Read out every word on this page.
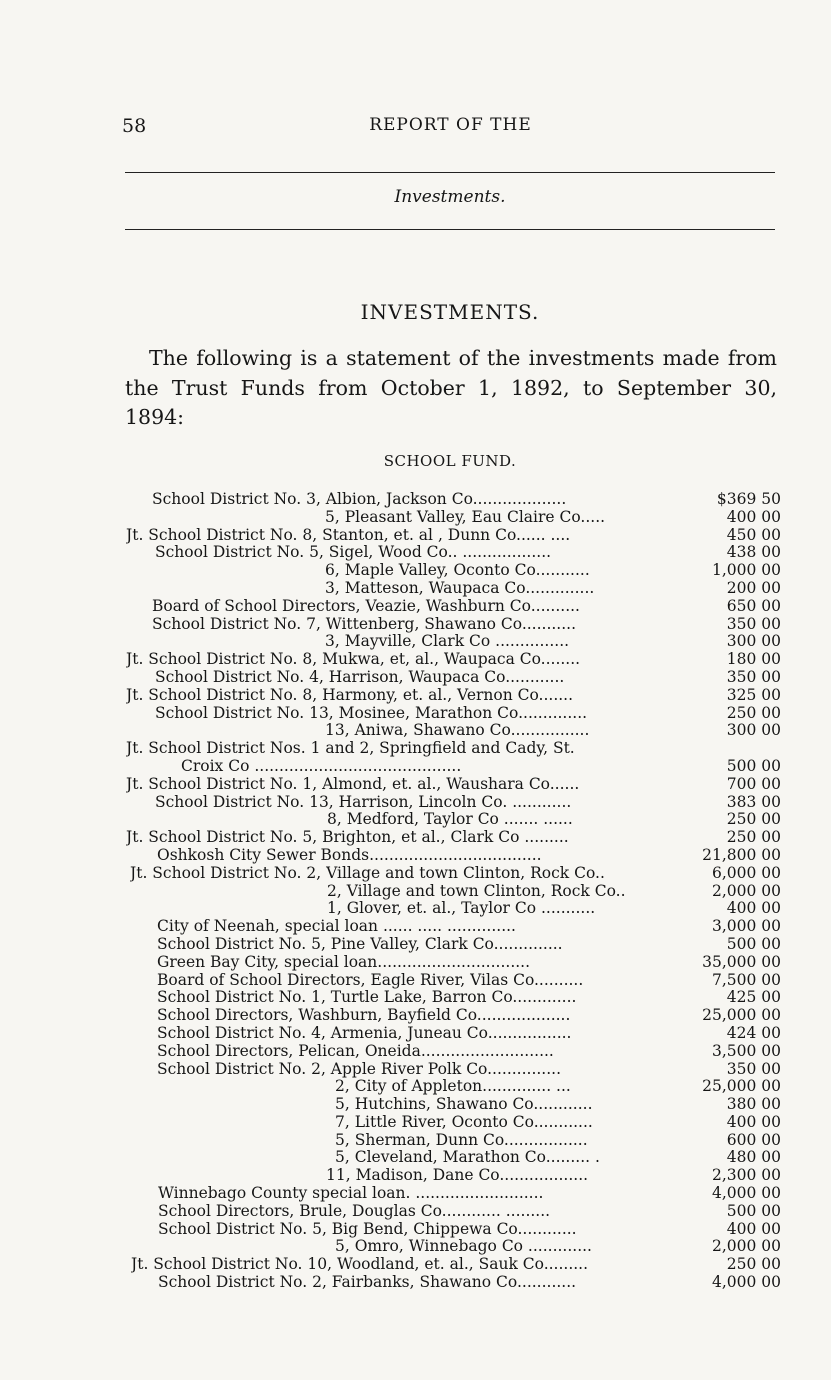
58	REPORT OF THE
Investments.
INVESTMENTS.

The following is a statement of the investments made from the Trust Funds from October 1, 1892, to September 30, 1894:

SCHOOL FUND.
School District No. 3, Albion, Jackson Co...................	$369 50
5, Pleasant Valley, Eau Claire Co.....	400 00
Jt. School District No. 8, Stanton, et. al , Dunn Co...... ....	450 00
School District No. 5, Sigel, Wood Co.. ..................	438 00
6, Maple Valley, Oconto Co...........	1,000 00
3, Matteson, Waupaca Co..............	200 00
Board of School Directors, Veazie, Washburn Co..........	650 00
School District No. 7, Wittenberg, Shawano Co...........	350 00
3, Mayville, Clark Co ...............	300 00
Jt. School District No. 8, Mukwa, et, al., Waupaca Co........	180 00
School District No. 4, Harrison, Waupaca Co............	350 00
Jt. School District No. 8, Harmony, et. al., Vernon Co.......	325 00
School District No. 13, Mosinee, Marathon Co..............	250 00
13, Aniwa, Shawano Co................	300 00
Jt. School District Nos. 1 and 2, Springfield and Cady, St.
Croix Co ..........................................	500 00
Jt. School District No. 1, Almond, et. al., Waushara Co......	700 00
School District No. 13, Harrison, Lincoln Co. ............	383 00
8, Medford, Taylor Co ....... ......	250 00
Jt. School District No. 5, Brighton, et al., Clark Co .........	250 00
Oshkosh City Sewer Bonds...................................	21,800 00
Jt. School District No. 2, Village and town Clinton, Rock Co..	6,000 00
2, Village and town Clinton, Rock Co..	2,000 00
1, Glover, et. al., Taylor Co ...........	400 00
City of Neenah, special loan ...... ..... ..............	3,000 00
School District No. 5, Pine Valley, Clark Co..............	500 00
Green Bay City, special loan...............................	35,000 00
Board of School Directors, Eagle River, Vilas Co..........	7,500 00
School District No. 1, Turtle Lake, Barron Co.............	425 00
School Directors, Washburn, Bayfield Co...................	25,000 00
School District No. 4, Armenia, Juneau Co.................	424 00
School Directors, Pelican, Oneida...........................	3,500 00
School District No. 2, Apple River Polk Co...............	350 00
2, City of Appleton.............. ...	25,000 00
5, Hutchins, Shawano Co............	380 00
7, Little River, Oconto Co............	400 00
5, Sherman, Dunn Co.................	600 00
5, Cleveland, Marathon Co......... .	480 00
11, Madison, Dane Co..................	2,300 00
Winnebago County special loan. ..........................	4,000 00
School Directors, Brule, Douglas Co............ .........	500 00
School District No. 5, Big Bend, Chippewa Co............	400 00
5, Omro, Winnebago Co .............	2,000 00
Jt. School District No. 10, Woodland, et. al., Sauk Co.........	250 00
School District No. 2, Fairbanks, Shawano Co............	4,000 00
